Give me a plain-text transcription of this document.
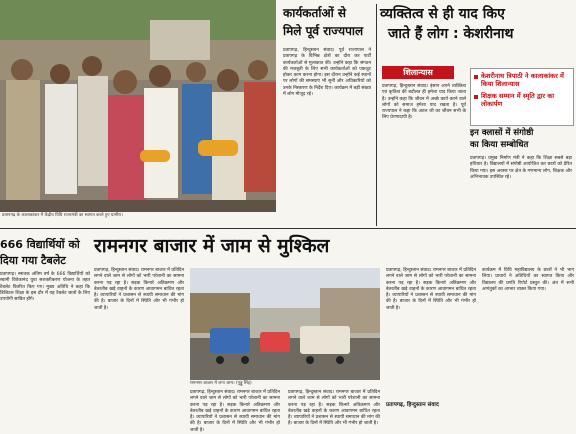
प्रतापगढ़ के कालाकांकर में केंद्रीय विधि राज्यमंत्री का स्वागत करते हुए ग्रामीण।
कार्यकर्ताओं से
मिले पूर्व राज्यपाल
प्रतापगढ़, हिन्दुस्तान संवाद। पूर्व राज्यपाल ने प्रतापगढ़ के विभिन्न क्षेत्रों का दौरा कर पार्टी कार्यकर्ताओं से मुलाकात की। उन्होंने कहा कि संगठन की मजबूती के लिए सभी कार्यकर्ताओं को एकजुट होकर काम करना होगा। इस दौरान उन्होंने कई स्थानों पर लोगों की समस्याएं भी सुनीं और अधिकारियों को उनके निस्तारण के निर्देश दिए। कार्यक्रम में बड़ी संख्या में लोग मौजूद रहे।
व्यक्तित्व से ही याद किए
जाते हैं लोग : केशरीनाथ
शिलान्यास
प्रतापगढ़, हिन्दुस्तान संवाद। इंसान अपने व्यक्तित्व एवं कृतित्व की बदौलत ही हमेशा याद किया जाता है। उन्होंने कहा कि जीवन में अच्छे कार्य करने वाले लोगों को समाज हमेशा याद रखता है। पूर्व राज्यपाल ने कहा कि अटल जी का जीवन सभी के लिए प्रेरणादायी है।
केशरीनाथ त्रिपाठी ने कालाकांकर में किया शिलान्यास
शिक्षक सम्मान में स्मृति द्वार का लोकार्पण
इन क्लासों में संगोष्ठी
का किया सम्बोधित
प्रतापगढ़। प्रमुख निर्माण मंत्री ने कहा कि शिक्षा सबसे बड़ा हथियार है। विद्यालयों में संगोष्ठी आयोजित कर छात्रों को प्रेरित किया गया। इस अवसर पर क्षेत्र के गणमान्य लोग, शिक्षक और अभिभावक उपस्थित रहे।
666 विद्यार्थियों को
दिया गया टैबलेट
प्रतापगढ़। स्नातक अंतिम वर्ष के 666 विद्यार्थियों को स्वामी विवेकानंद युवा सशक्तीकरण योजना के तहत टैबलेट वितरित किए गए। मुख्य अतिथि ने कहा कि डिजिटल शिक्षा के इस दौर में यह टैबलेट छात्रों के लिए उपयोगी साबित होंगे।
रामनगर बाजार में जाम से मुश्किल
प्रतापगढ़, हिन्दुस्तान संवाद। रामनगर बाजार में प्रतिदिन लगने वाले जाम से लोगों को भारी परेशानी का सामना करना पड़ रहा है। सड़क किनारे अतिक्रमण और बेतरतीब खड़े वाहनों के कारण आवागमन बाधित रहता है। व्यापारियों ने प्रशासन से स्थायी समाधान की मांग की है। बाजार के दिनों में स्थिति और भी गंभीर हो जाती है।
रामनगर बाजार में लगा जाम। (गुड्डू सिंह)
प्रतापगढ़, हिन्दुस्तान संवाद। रामनगर बाजार में प्रतिदिन लगने वाले जाम से लोगों को भारी परेशानी का सामना करना पड़ रहा है। सड़क किनारे अतिक्रमण और बेतरतीब खड़े वाहनों के कारण आवागमन बाधित रहता है। व्यापारियों ने प्रशासन से स्थायी समाधान की मांग की है। बाजार के दिनों में स्थिति और भी गंभीर हो जाती है।
प्रतापगढ़, हिन्दुस्तान संवाद। रामनगर बाजार में प्रतिदिन लगने वाले जाम से लोगों को भारी परेशानी का सामना करना पड़ रहा है। सड़क किनारे अतिक्रमण और बेतरतीब खड़े वाहनों के कारण आवागमन बाधित रहता है। व्यापारियों ने प्रशासन से स्थायी समाधान की मांग की है। बाजार के दिनों में स्थिति और भी गंभीर हो जाती है।
प्रतापगढ़, हिन्दुस्तान संवाद। रामनगर बाजार में प्रतिदिन लगने वाले जाम से लोगों को भारी परेशानी का सामना करना पड़ रहा है। सड़क किनारे अतिक्रमण और बेतरतीब खड़े वाहनों के कारण आवागमन बाधित रहता है। व्यापारियों ने प्रशासन से स्थायी समाधान की मांग की है। बाजार के दिनों में स्थिति और भी गंभीर हो जाती है।
प्रतापगढ़, हिन्दुस्तान संवाद
कार्यक्रम में विधि महाविद्यालय के छात्रों ने भी भाग लिया। प्राचार्य ने अतिथियों का स्वागत किया और विद्यालय की प्रगति रिपोर्ट प्रस्तुत की। अंत में सभी आगंतुकों का आभार व्यक्त किया गया।
